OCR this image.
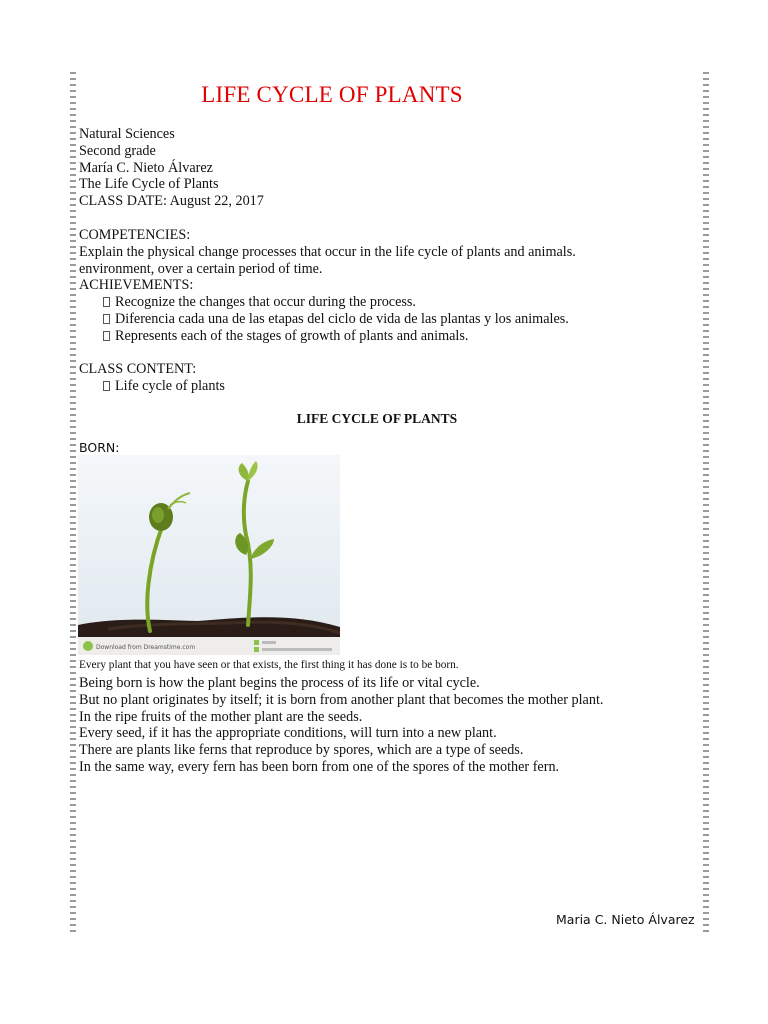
LIFE CYCLE OF PLANTS
Natural Sciences
Second grade
María C. Nieto Álvarez
The Life Cycle of Plants
CLASS DATE: August 22, 2017
COMPETENCIES:
Explain the physical change processes that occur in the life cycle of plants and animals.
environment, over a certain period of time.
ACHIEVEMENTS:
Recognize the changes that occur during the process.
Diferencia cada una de las etapas del ciclo de vida de las plantas y los animales.
Represents each of the stages of growth of plants and animals.
CLASS CONTENT:
Life cycle of plants
LIFE CYCLE OF PLANTS
BORN:
Download from Dreamstime.com
Every plant that you have seen or that exists, the first thing it has done is to be born.
Being born is how the plant begins the process of its life or vital cycle.
But no plant originates by itself; it is born from another plant that becomes the mother plant.
In the ripe fruits of the mother plant are the seeds.
Every seed, if it has the appropriate conditions, will turn into a new plant.
There are plants like ferns that reproduce by spores, which are a type of seeds.
In the same way, every fern has been born from one of the spores of the mother fern.
Maria C. Nieto Álvarez
